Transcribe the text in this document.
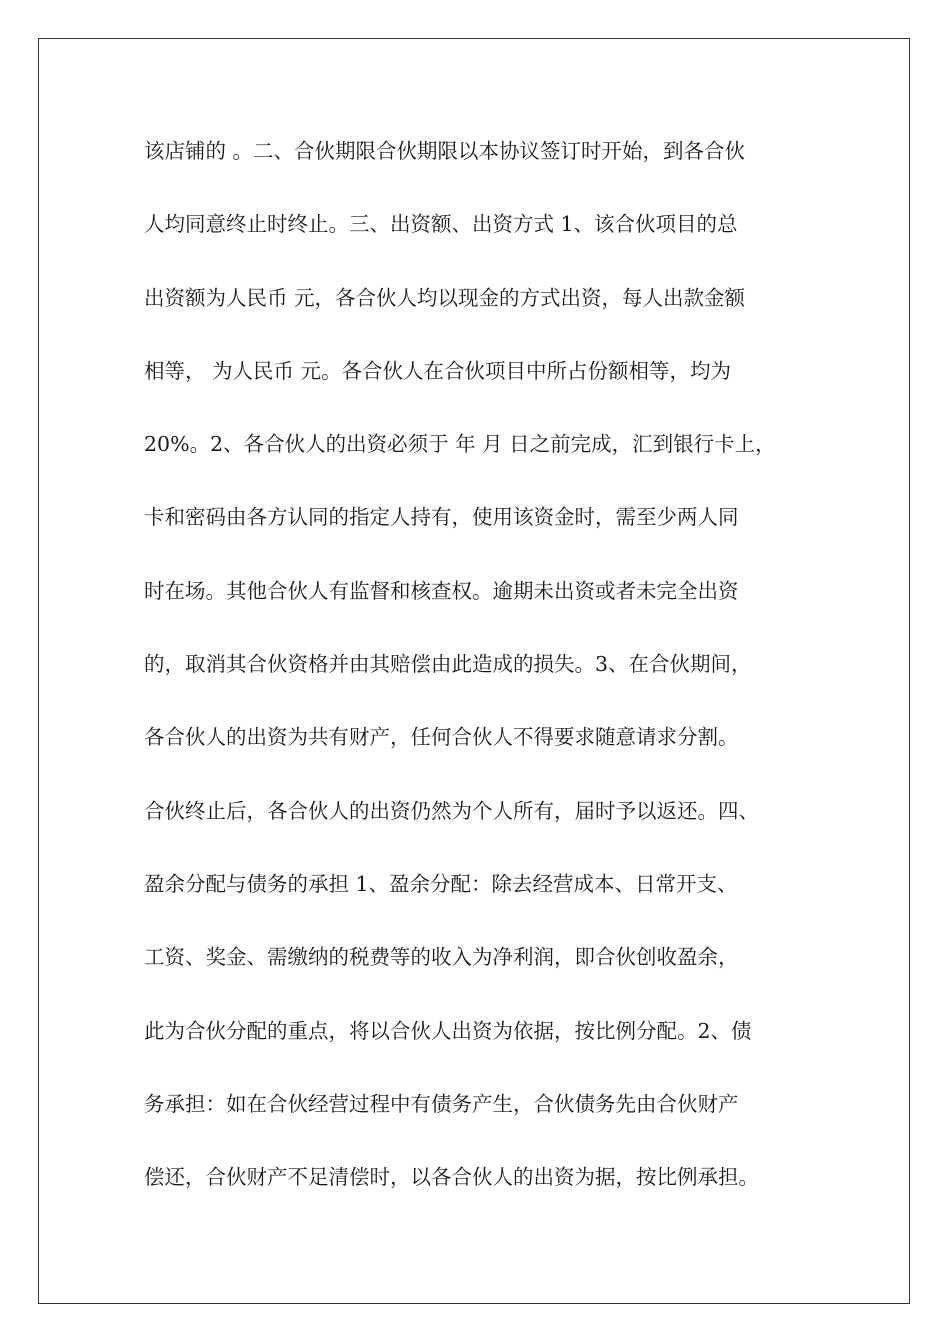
该店铺的 。二、合伙期限合伙期限以本协议签订时开始，到各合伙
人均同意终止时终止。三、出资额、出资方式 1、该合伙项目的总
出资额为人民币 元，各合伙人均以现金的方式出资，每人出款金额
相等， 为人民币 元。各合伙人在合伙项目中所占份额相等，均为
20%。2、各合伙人的出资必须于 年 月 日之前完成，汇到银行卡上，
卡和密码由各方认同的指定人持有，使用该资金时，需至少两人同
时在场。其他合伙人有监督和核查权。逾期未出资或者未完全出资
的，取消其合伙资格并由其赔偿由此造成的损失。3、在合伙期间，
各合伙人的出资为共有财产，任何合伙人不得要求随意请求分割。
合伙终止后，各合伙人的出资仍然为个人所有，届时予以返还。四、
盈余分配与债务的承担 1、盈余分配：除去经营成本、日常开支、
工资、奖金、需缴纳的税费等的收入为净利润，即合伙创收盈余，
此为合伙分配的重点，将以合伙人出资为依据，按比例分配。2、债
务承担：如在合伙经营过程中有债务产生，合伙债务先由合伙财产
偿还，合伙财产不足清偿时，以各合伙人的出资为据，按比例承担。
